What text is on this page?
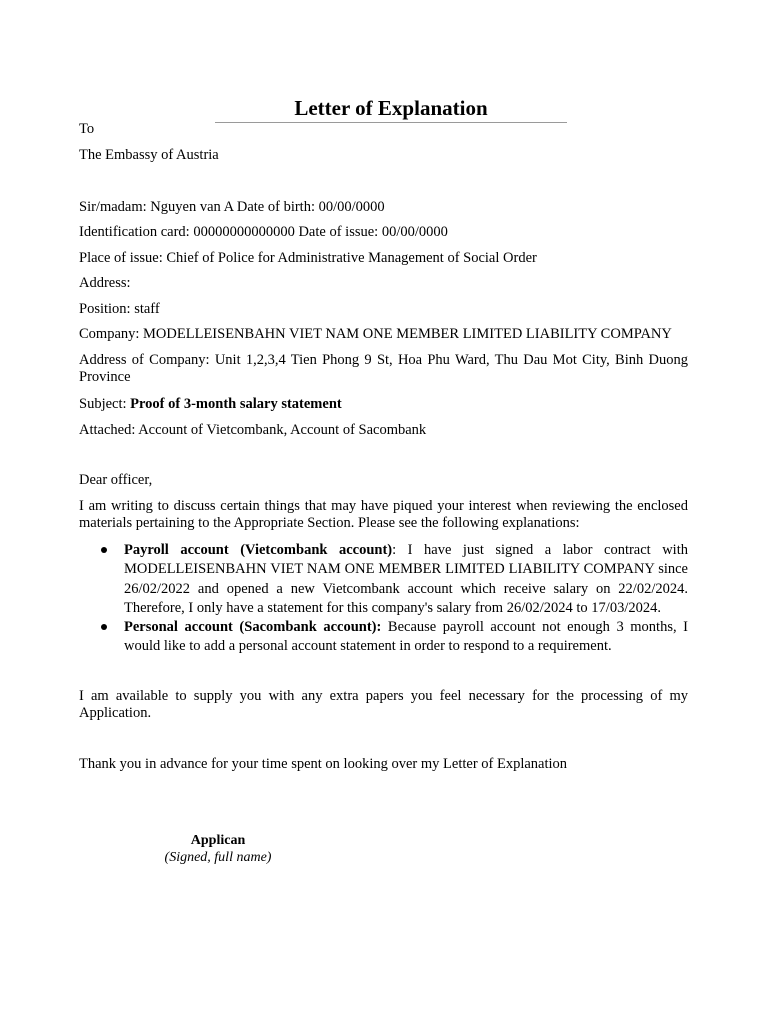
Letter of Explanation

To

The Embassy of Austria

Sir/madam: Nguyen van A Date of birth: 00/00/0000

Identification card: 00000000000000 Date of issue: 00/00/0000

Place of issue: Chief of Police for Administrative Management of Social Order

Address:

Position: staff

Company: MODELLEISENBAHN VIET NAM ONE MEMBER LIMITED LIABILITY COMPANY

Address of Company: Unit 1,2,3,4 Tien Phong 9 St, Hoa Phu Ward, Thu Dau Mot City, Binh Duong Province

Subject: Proof of 3-month salary statement

Attached: Account of Vietcombank, Account of Sacombank

Dear officer,

I am writing to discuss certain things that may have piqued your interest when reviewing the enclosed materials pertaining to the Appropriate Section. Please see the following explanations:

Payroll account (Vietcombank account): I have just signed a labor contract with MODELLEISENBAHN VIET NAM ONE MEMBER LIMITED LIABILITY COMPANY since 26/02/2022 and opened a new Vietcombank account which receive salary on 22/02/2024. Therefore, I only have a statement for this company's salary from 26/02/2024 to 17/03/2024.
Personal account (Sacombank account): Because payroll account not enough 3 months, I would like to add a personal account statement in order to respond to a requirement.

I am available to supply you with any extra papers you feel necessary for the processing of my Application.

Thank you in advance for your time spent on looking over my Letter of Explanation

Applican
(Signed, full name)
